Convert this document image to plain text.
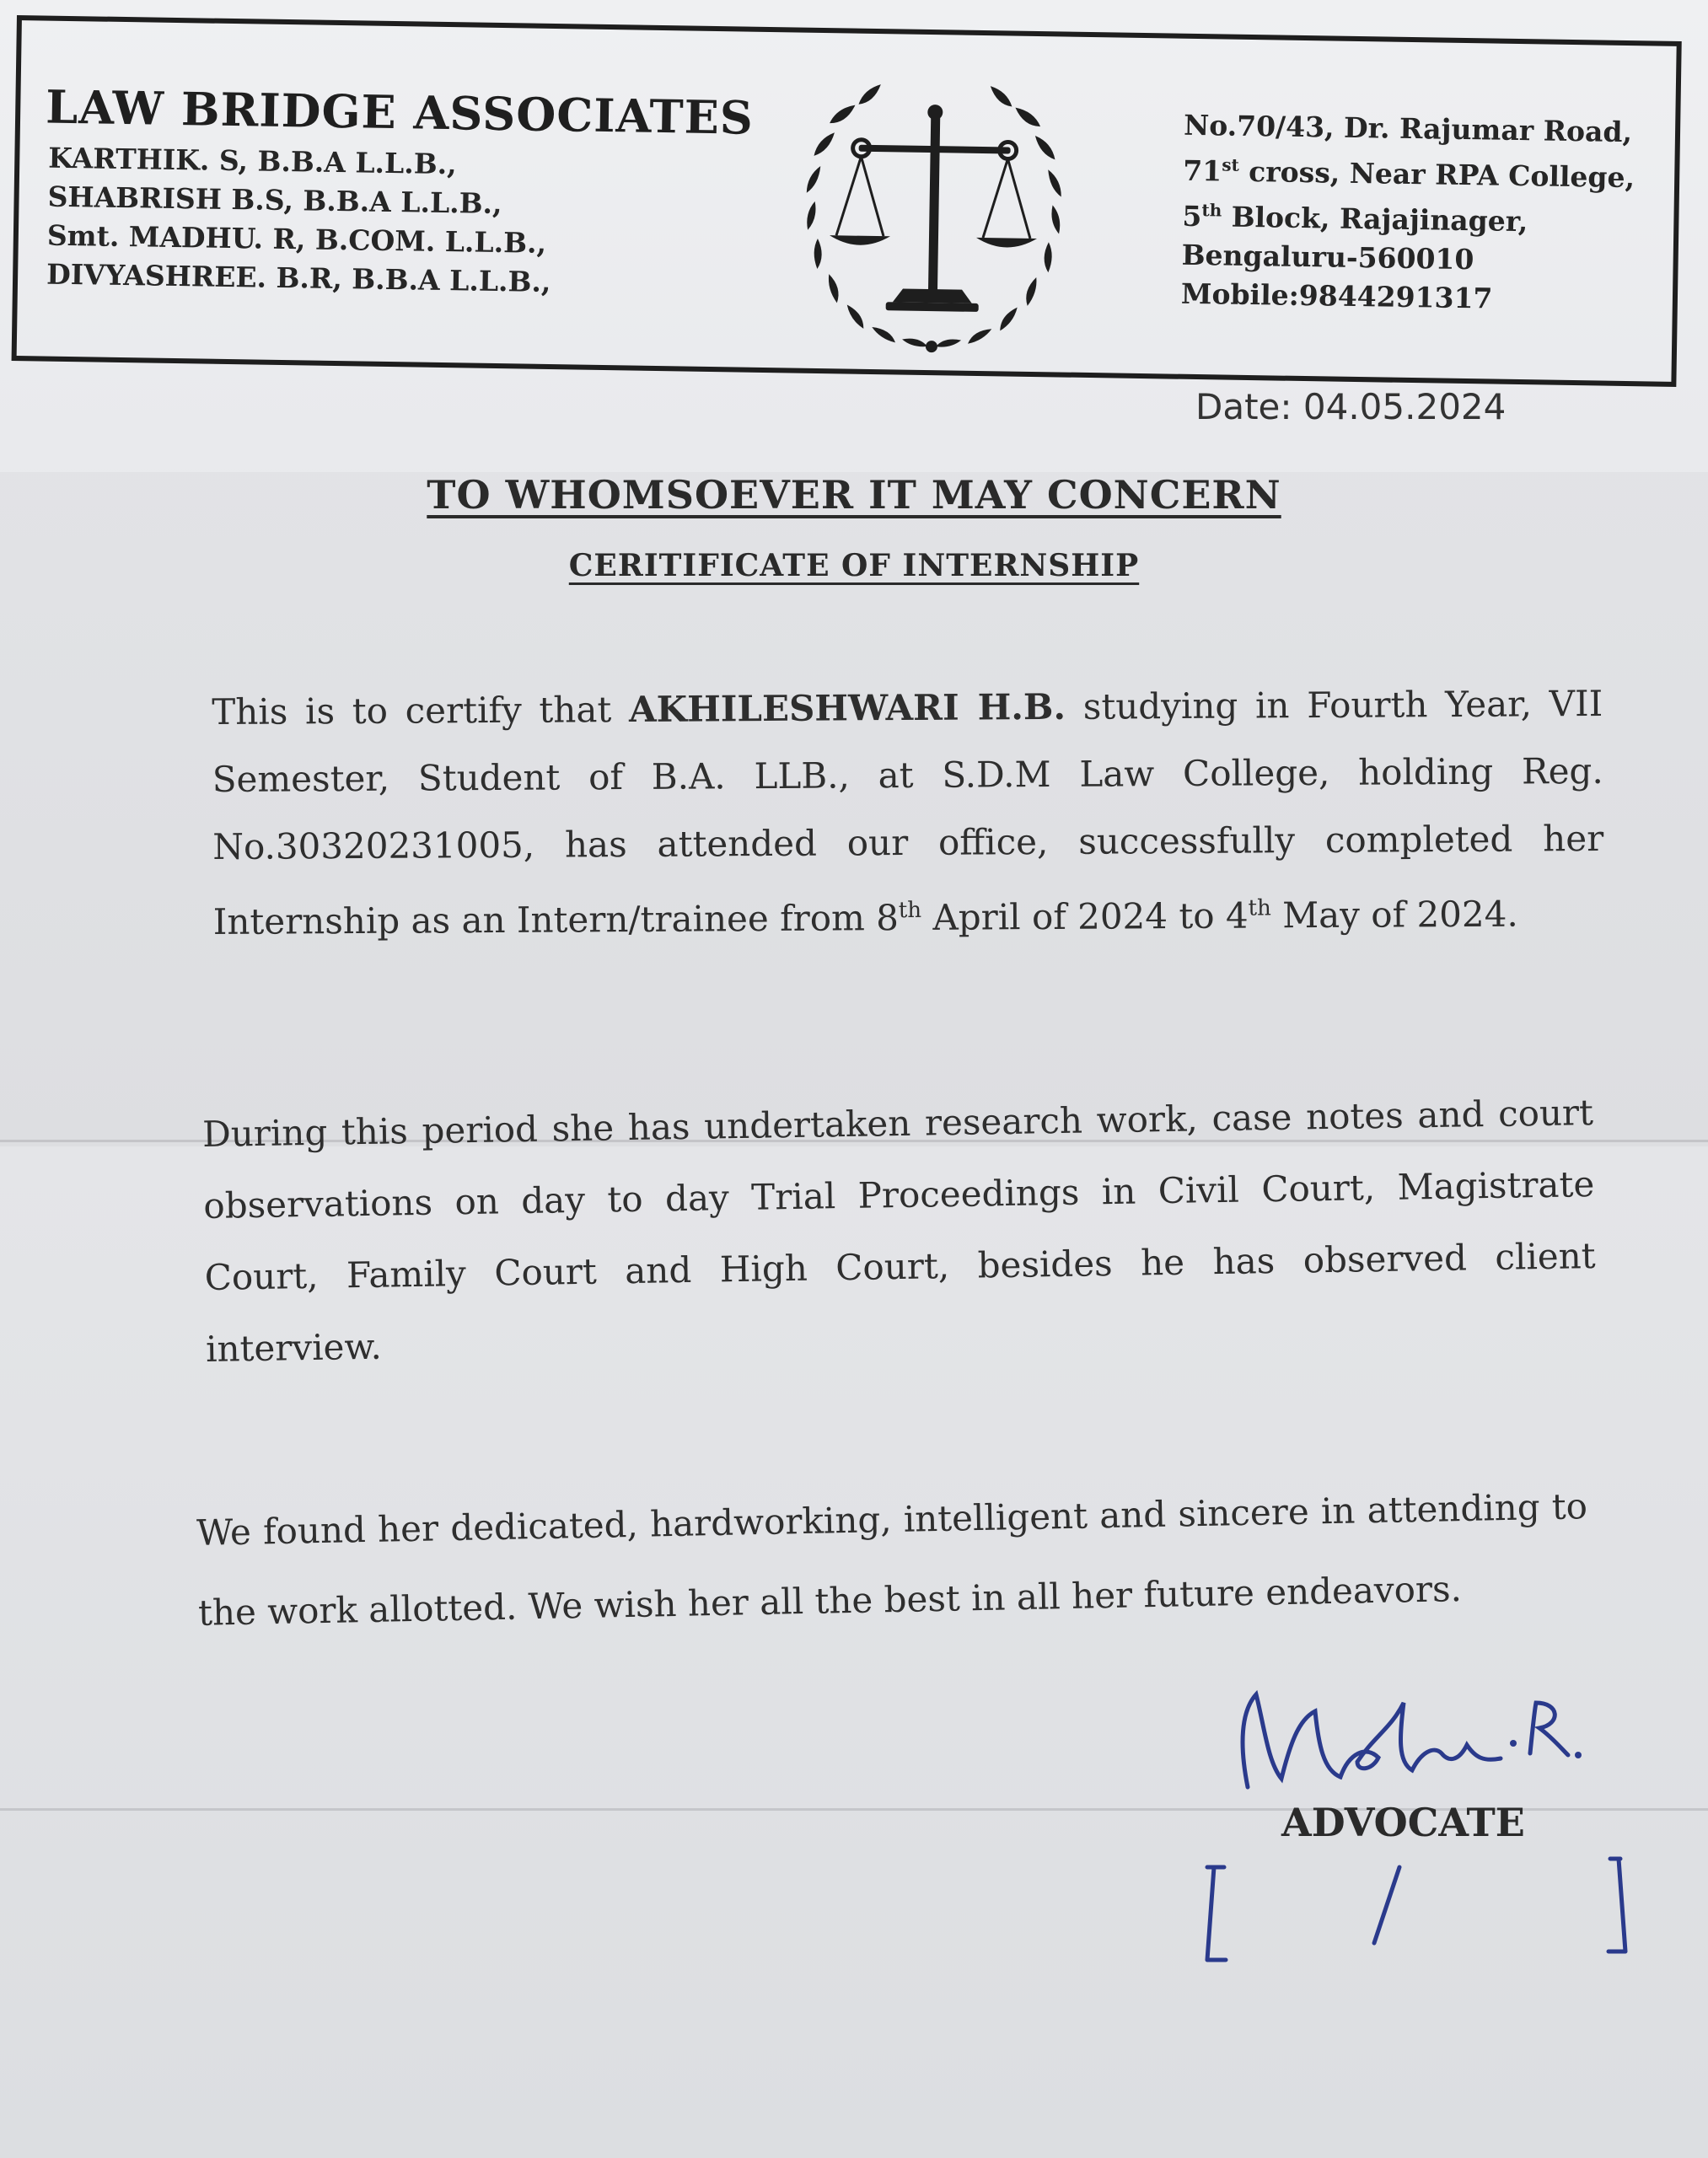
LAW BRIDGE ASSOCIATES
KARTHIK. S, B.B.A L.L.B.,
SHABRISH B.S, B.B.A L.L.B.,
Smt. MADHU. R, B.COM. L.L.B.,
DIVYASHREE. B.R, B.B.A L.L.B.,
No.70/43, Dr. Rajumar Road,
71st cross, Near RPA College,
5th Block, Rajajinager,
Bengaluru-560010
Mobile:9844291317
Date: 04.05.2024
TO WHOMSOEVER IT MAY CONCERN
CERITIFICATE OF INTERNSHIP

This is to certify that AKHILESHWARI H.B. studying in Fourth Year, VII Semester, Student of B.A. LLB., at S.D.M Law College, holding Reg. No.30320231005, has attended our office, successfully completed her Internship as an Intern/trainee from 8th April of 2024 to 4th May of 2024.

During this period she has undertaken research work, case notes and court observations on day to day Trial Proceedings in Civil Court, Magistrate Court, Family Court and High Court, besides he has observed client interview.

We found her dedicated, hardworking, intelligent and sincere in attending to the work allotted. We wish her all the best in all her future endeavors.

ADVOCATE
